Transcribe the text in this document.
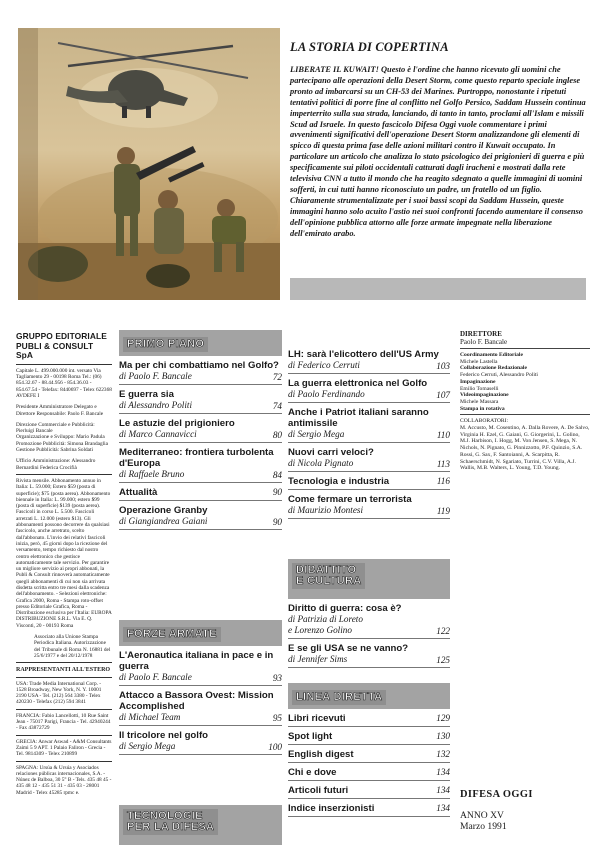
LA STORIA DI COPERTINA
LIBERATE IL KUWAIT! Questo è l'ordine che hanno ricevuto gli uomini che partecipano alle operazioni della Desert Storm, come questo reparto speciale inglese pronto ad imbarcarsi su un CH-53 dei Marines. Purtroppo, nonostante i ripetuti tentativi politici di porre fine al conflitto nel Golfo Persico, Saddam Hussein continua imperterrito sulla sua strada, lanciando, di tanto in tanto, proclami all'Islam e missili Scud ad Israele. In questo fascicolo Difesa Oggi vuole commentare i primi avvenimenti significativi dell'operazione Desert Storm analizzandone gli elementi di spicco di questa prima fase delle azioni militari contro il Kuwait occupato. In particolare un articolo che analizza lo stato psicologico dei prigionieri di guerra e più specificamente sui piloti occidentali catturati dagli iracheni e mostrati dalla rete televisiva CNN a tutto il mondo che ha reagito sdegnato a quelle immagini di uomini sofferti, in cui tutti hanno riconosciuto un padre, un fratello od un figlio. Chiaramente strumentalizzate per i suoi bassi scopi da Saddam Hussein, queste immagini hanno solo acuito l'astio nei suoi confronti facendo aumentare il consenso dell'opinione pubblica attorno alle forze armate impegnate nella liberazione dell'emirato arabo.
GRUPPO EDITORIALE
PUBLI & CONSULT SpA
Capitale L. 499.000.000 int. versato Via Tagliamento 29 - 00198 Roma Tel.: (06) 854.32.67 - 88.44.956 - 854.36.03 - 854.67.54 - Telefax: 8440697 - Telex 622368 AVDEFE I
Presidente Amministratore Delegato e Direttore Responsabile: Paolo F. Bancale
Direzione Commerciale e Pubblicità: Pierluigi Bancale
Organizzazione e Sviluppo: Mario Padula
Promozione Pubblicità: Simona Brandaglia
Gestione Pubblicità: Sabrina Soldati
Ufficio Amministrazione: Alessandro Bernardini Federica Crocifià
Rivista mensile. Abbonamento annuo in Italia: L. 59.000; Estero $59 (posta di superficie); $75 (posta aerea). Abbonamento biennale in Italia: L. 99.000; estero $99 (posta di superficie) $139 (posta aerea). Fascicoli in corso L. 5.500. Fascicoli arretrati L. 12.000 (estero $13). Gli abbonamenti possono decorrere da qualsiasi fascicolo, anche arretrato, scelto dall'abbonato. L'invio dei relativi fascicoli inizia, però, 45 giorni dopo la ricezione del versamento, tempo richiesto dal nostro centro elettronico che gestisce automaticamente tale servizio. Per garantire un migliore servizio ai propri abbonati, la Publi & Consult rinnoverà automaticamente quegli abbonamenti di cui non sia arrivata disdetta scritta entro tre mesi dalla scadenza dell'abbonamento. - Selezioni elettroniche: Grafica 2000, Roma - Stampa roto-offset presso Editoriale Grafica, Roma - Distribuzione esclusiva per l'Italia: EUROPA DISTRIBUZIONE S.R.L. Via E. Q. Visconti, 20 - 00193 Roma
Associato alla Unione Stampa Periodica Italiana. Autorizzazione del Tribunale di Roma N. 16881 del 25/6/1977 e del 20/12/1978
RAPPRESENTANTI ALL'ESTERO
USA: Trade Media International Corp. - 1528 Broadway, New York, N. Y. 10001 2190 USA - Tel. (212) 564 3380 - Telex 420230 - Telefax (212) 594 3841
FRANCIA: Fabio Lancellotti, 10 Rue Saint Jean - 75017 Parigi, Francia - Tel. 42940244 - Fax 43872729
GRECIA: Anwar Aswad - A&M Consultants Zaimi 5 9 APT. 1 Palaio Faliron - Grecia - Tel. 9814309 - Telex 210899
SPAGNA: Ursúa & Ursúa y Asociados relaciones públicas internacionales, S.A. - Núnez de Balboa, 30 5° B - Tels. 435 48 45 - 435 48 12 - 435 51 31 - 435 03 - 28001 Madrid - Telex 45285 rpmc e.
PRIMO PIANO
Ma per chi combattiamo nel Golfo?
di Paolo F. Bancale	72
E guerra sia
di Alessandro Politi	74
Le astuzie del prigioniero
di Marco Cannavicci	80
Mediterraneo: frontiera turbolenta d'Europa
di Raffaele Bruno	84
Attualità	90
Operazione Granby
di Giangiandrea Gaiani	90
FORZE ARMATE
L'Aeronautica italiana in pace e in guerra
di Paolo F. Bancale	93
Attacco a Bassora Ovest: Mission Accomplished
di Michael Team	95
Il tricolore nel golfo
di Sergio Mega	100
TECNOLOGIE
PER LA DIFESA
LH: sarà l'elicottero dell'US Army
di Federico Cerruti	103
La guerra elettronica nel Golfo
di Paolo Ferdinando	107
Anche i Patriot italiani saranno antimissile
di Sergio Mega	110
Nuovi carri veloci?
di Nicola Pignato	113
Tecnologia e industria	116
Come fermare un terrorista
di Maurizio Montesi	119
DIBATTITO
E CULTURA
Diritto di guerra: cosa è?
di Patrizia di Loreto
e Lorenzo Golino	122
E se gli USA se ne vanno?
di Jennifer Sims	125
LINEA DIRETTA
Libri ricevuti	129
Spot light	130
English digest	132
Chi e dove	134
Articoli futuri	134
Indice inserzionisti	134
DIRETTORE
Paolo F. Bancale
Coordinamento Editoriale
Michele Lastella
Collaborazione Redazionale
Federico Cerruti, Alessandro Politi
Impaginazione
Emilio Tomaselli
Videoimpaginazione
Michele Massara
Stampa in rotativa
COLLABORATORI:
M. Accusto, M. Cosentino, A. Dalla Rovere, A. De Salvo, Virginia H. Ezel, G. Gaiani, G. Giorgerini, L. Golino, M.J. Harbison, I. Hogg, M. Von Jensen, S. Mega, N. Nichols, N. Pignato, G. Pinnizzotto, P.F. Quinzio, S.A. Rossi, G. Sax, F. Santoianni, A. Scarpitta, R. Schaerschmidt, N. Sgariato, Turrini, C.V. Villa, A.J. Wallis, M.B. Walters, L. Young, T.D. Young.
DIFESA OGGI
ANNO XV
Marzo 1991
